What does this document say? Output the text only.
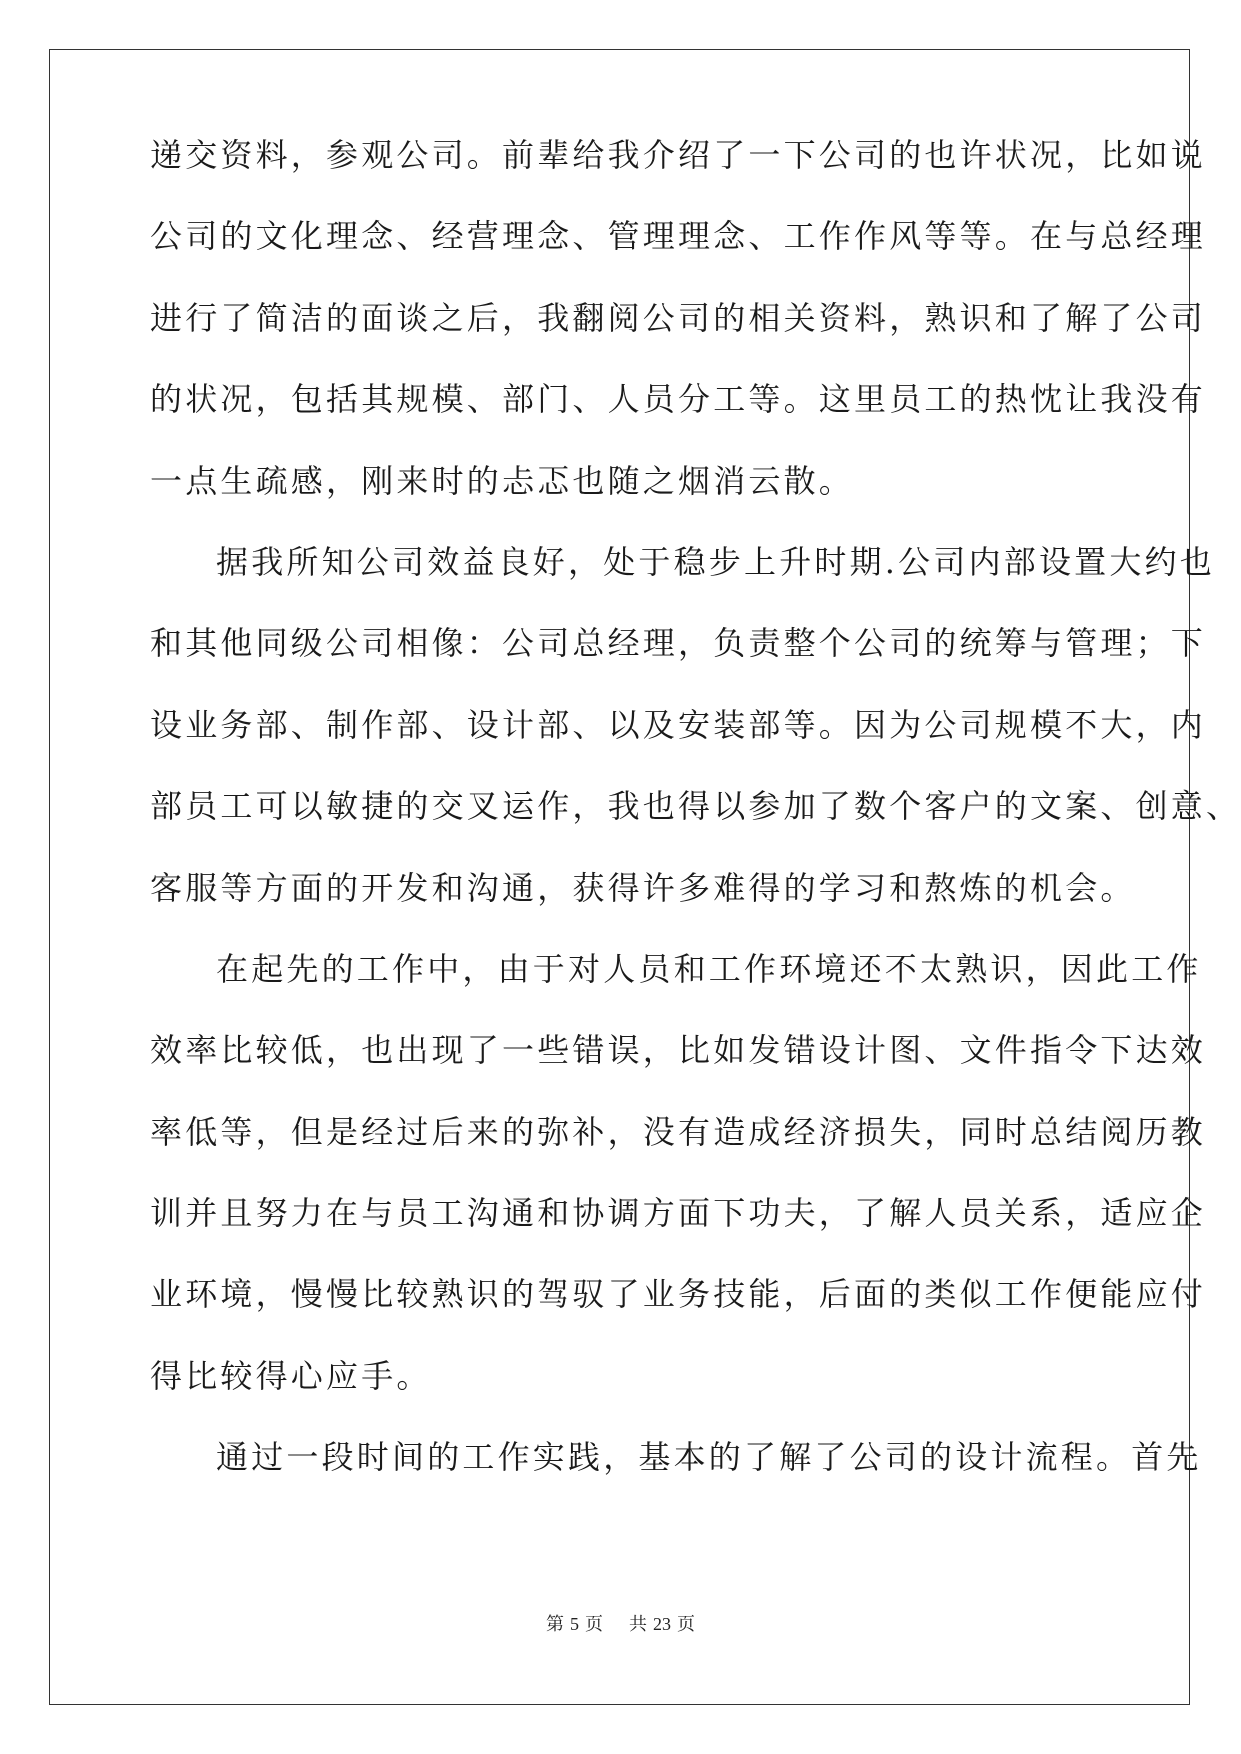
递交资料，参观公司。前辈给我介绍了一下公司的也许状况，比如说
公司的文化理念、经营理念、管理理念、工作作风等等。在与总经理
进行了简洁的面谈之后，我翻阅公司的相关资料，熟识和了解了公司
的状况，包括其规模、部门、人员分工等。这里员工的热忱让我没有
一点生疏感，刚来时的忐忑也随之烟消云散。
据我所知公司效益良好，处于稳步上升时期.公司内部设置大约也
和其他同级公司相像：公司总经理，负责整个公司的统筹与管理；下
设业务部、制作部、设计部、以及安装部等。因为公司规模不大，内
部员工可以敏捷的交叉运作，我也得以参加了数个客户的文案、创意、
客服等方面的开发和沟通，获得许多难得的学习和熬炼的机会。
在起先的工作中，由于对人员和工作环境还不太熟识，因此工作
效率比较低，也出现了一些错误，比如发错设计图、文件指令下达效
率低等，但是经过后来的弥补，没有造成经济损失，同时总结阅历教
训并且努力在与员工沟通和协调方面下功夫，了解人员关系，适应企
业环境，慢慢比较熟识的驾驭了业务技能，后面的类似工作便能应付
得比较得心应手。
通过一段时间的工作实践，基本的了解了公司的设计流程。首先
第 5 页 共 23 页
